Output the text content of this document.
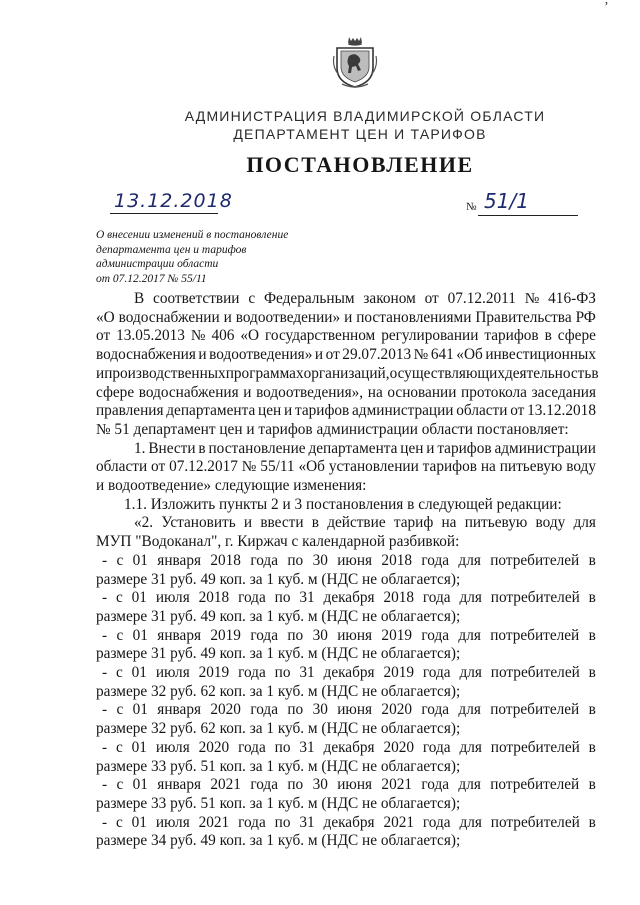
’
АДМИНИСТРАЦИЯ ВЛАДИМИРСКОЙ ОБЛАСТИ
ДЕПАРТАМЕНТ ЦЕН И ТАРИФОВ
ПОСТАНОВЛЕНИЕ
13.12.2018	№ 51/1
О внесении изменений в постановление
департамента цен и тарифов
администрации области
от 07.12.2017 № 55/11
В соответствии с Федеральным законом от 07.12.2011 № 416-ФЗ
«О водоснабжении и водоотведении» и постановлениями Правительства РФ
от 13.05.2013 № 406 «О государственном регулировании тарифов в сфере
водоснабжения и водоотведения» и от 29.07.2013 № 641 «Об инвестиционных
и производственных программах организаций, осуществляющих деятельность в
сфере водоснабжения и водоотведения», на основании протокола заседания
правления департамента цен и тарифов администрации области от 13.12.2018
№ 51 департамент цен и тарифов администрации области постановляет:
1. Внести в постановление департамента цен и тарифов администрации
области от 07.12.2017 № 55/11 «Об установлении тарифов на питьевую воду
и водоотведение» следующие изменения:
1.1. Изложить пункты 2 и 3 постановления в следующей редакции:
«2. Установить и ввести в действие тариф на питьевую воду для
МУП "Водоканал", г. Киржач с календарной разбивкой:
- с 01 января 2018 года по 30 июня 2018 года для потребителей в
размере 31 руб. 49 коп. за 1 куб. м (НДС не облагается);
- с 01 июля 2018 года по 31 декабря 2018 года для потребителей в
размере 31 руб. 49 коп. за 1 куб. м (НДС не облагается);
- с 01 января 2019 года по 30 июня 2019 года для потребителей в
размере 31 руб. 49 коп. за 1 куб. м (НДС не облагается);
- с 01 июля 2019 года по 31 декабря 2019 года для потребителей в
размере 32 руб. 62 коп. за 1 куб. м (НДС не облагается);
- с 01 января 2020 года по 30 июня 2020 года для потребителей в
размере 32 руб. 62 коп. за 1 куб. м (НДС не облагается);
- с 01 июля 2020 года по 31 декабря 2020 года для потребителей в
размере 33 руб. 51 коп. за 1 куб. м (НДС не облагается);
- с 01 января 2021 года по 30 июня 2021 года для потребителей в
размере 33 руб. 51 коп. за 1 куб. м (НДС не облагается);
- с 01 июля 2021 года по 31 декабря 2021 года для потребителей в
размере 34 руб. 49 коп. за 1 куб. м (НДС не облагается);
